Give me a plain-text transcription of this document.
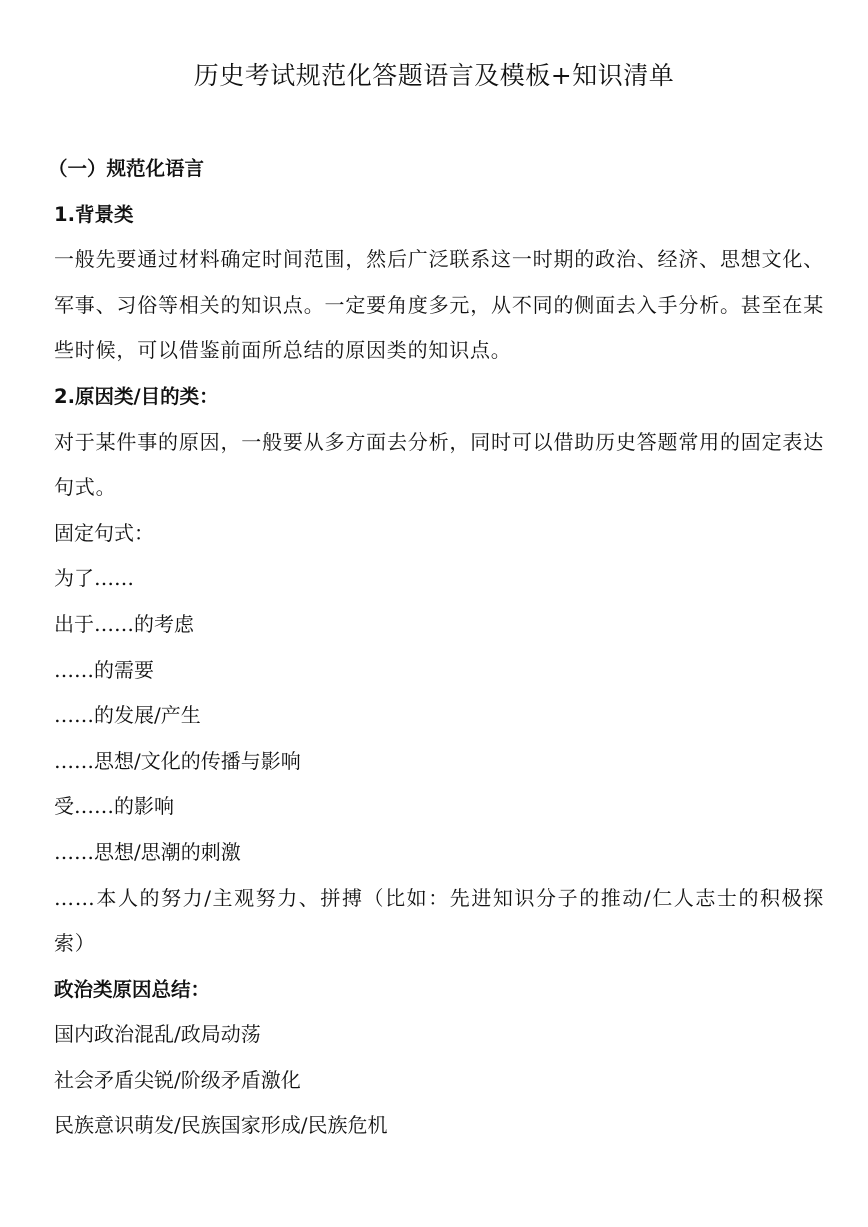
历史考试规范化答题语言及模板+知识清单
（一）规范化语言
1.背景类
一般先要通过材料确定时间范围，然后广泛联系这一时期的政治、经济、思想文化、军事、习俗等相关的知识点。一定要角度多元，从不同的侧面去入手分析。甚至在某些时候，可以借鉴前面所总结的原因类的知识点。
2.原因类/目的类：
对于某件事的原因，一般要从多方面去分析，同时可以借助历史答题常用的固定表达句式。
固定句式：
为了……
出于……的考虑
……的需要
……的发展/产生
……思想/文化的传播与影响
受……的影响
……思想/思潮的刺激
……本人的努力/主观努力、拼搏（比如：先进知识分子的推动/仁人志士的积极探索）
政治类原因总结：
国内政治混乱/政局动荡
社会矛盾尖锐/阶级矛盾激化
民族意识萌发/民族国家形成/民族危机
